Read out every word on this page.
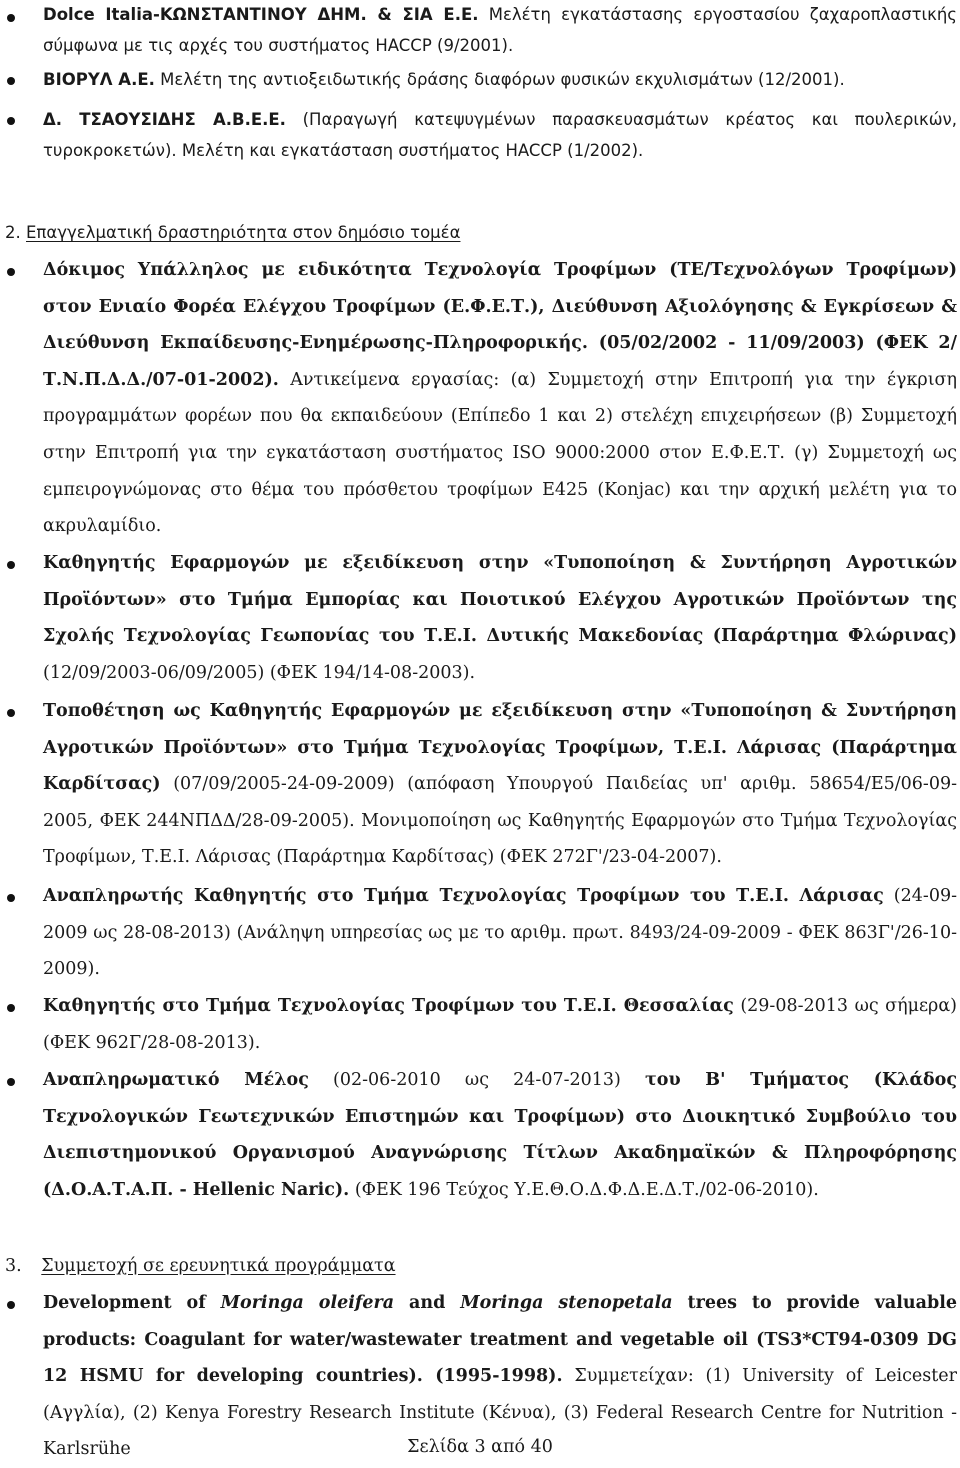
Dolce Italia-ΚΩΝΣΤΑΝΤΙΝΟΥ ΔΗΜ. & ΣΙΑ Ε.Ε. Μελέτη εγκατάστασης εργοστασίου ζαχαροπλαστικής σύμφωνα με τις αρχές του συστήματος HACCP (9/2001).

ΒΙΟΡΥΛ Α.Ε. Μελέτη της αντιοξειδωτικής δράσης διαφόρων φυσικών εκχυλισμάτων (12/2001).

Δ. ΤΣΑΟΥΣΙΔΗΣ Α.Β.Ε.Ε. (Παραγωγή κατεψυγμένων παρασκευασμάτων κρέατος και πουλερικών, τυροκροκετών). Μελέτη και εγκατάσταση συστήματος HACCP (1/2002).

2. Επαγγελματική δραστηριότητα στον δημόσιο τομέα

Δόκιμος Υπάλληλος με ειδικότητα Τεχνολογία Τροφίμων (ΤΕ/Τεχνολόγων Τροφίμων) στον Ενιαίο Φορέα Ελέγχου Τροφίμων (Ε.Φ.Ε.Τ.), Διεύθυνση Αξιολόγησης & Εγκρίσεων & Διεύθυνση Εκπαίδευσης-Ενημέρωσης-Πληροφορικής. (05/02/2002 - 11/09/2003) (ΦΕΚ 2/Τ.Ν.Π.Δ.Δ./07-01-2002). Αντικείμενα εργασίας: (α) Συμμετοχή στην Επιτροπή για την έγκριση προγραμμάτων φορέων που θα εκπαιδεύουν (Επίπεδο 1 και 2) στελέχη επιχειρήσεων (β) Συμμετοχή στην Επιτροπή για την εγκατάσταση συστήματος ISO 9000:2000 στον Ε.Φ.Ε.Τ. (γ) Συμμετοχή ως εμπειρογνώμονας στο θέμα του πρόσθετου τροφίμων Ε425 (Konjac) και την αρχική μελέτη για το ακρυλαμίδιο.

Καθηγητής Εφαρμογών με εξειδίκευση στην «Τυποποίηση & Συντήρηση Αγροτικών Προϊόντων» στο Τμήμα Εμπορίας και Ποιοτικού Ελέγχου Αγροτικών Προϊόντων της Σχολής Τεχνολογίας Γεωπονίας του Τ.Ε.Ι. Δυτικής Μακεδονίας (Παράρτημα Φλώρινας) (12/09/2003-06/09/2005) (ΦΕΚ 194/14-08-2003).

Τοποθέτηση ως Καθηγητής Εφαρμογών με εξειδίκευση στην «Τυποποίηση & Συντήρηση Αγροτικών Προϊόντων» στο Τμήμα Τεχνολογίας Τροφίμων, Τ.Ε.Ι. Λάρισας (Παράρτημα Καρδίτσας) (07/09/2005-24-09-2009) (απόφαση Υπουργού Παιδείας υπ' αριθμ. 58654/Ε5/06-09-2005, ΦΕΚ 244ΝΠΔΔ/28-09-2005). Μονιμοποίηση ως Καθηγητής Εφαρμογών στο Τμήμα Τεχνολογίας Τροφίμων, Τ.Ε.Ι. Λάρισας (Παράρτημα Καρδίτσας) (ΦΕΚ 272Γ'/23-04-2007).

Αναπληρωτής Καθηγητής στο Τμήμα Τεχνολογίας Τροφίμων του Τ.Ε.Ι. Λάρισας (24-09-2009 ως 28-08-2013) (Ανάληψη υπηρεσίας ως με το αριθμ. πρωτ. 8493/24-09-2009 - ΦΕΚ 863Γ'/26-10-2009).

Καθηγητής στο Τμήμα Τεχνολογίας Τροφίμων του Τ.Ε.Ι. Θεσσαλίας (29-08-2013 ως σήμερα) (ΦΕΚ 962Γ/28-08-2013).

Αναπληρωματικό Μέλος (02-06-2010 ως 24-07-2013) του Β' Τμήματος (Κλάδος Τεχνολογικών Γεωτεχνικών Επιστημών και Τροφίμων) στο Διοικητικό Συμβούλιο του Διεπιστημονικού Οργανισμού Αναγνώρισης Τίτλων Ακαδημαϊκών & Πληροφόρησης (Δ.Ο.Α.Τ.Α.Π. - Hellenic Naric). (ΦΕΚ 196 Τεύχος Υ.Ε.Θ.Ο.Δ.Φ.Δ.Ε.Δ.Τ./02-06-2010).

3. Συμμετοχή σε ερευνητικά προγράμματα

Development of Moringa oleifera and Moringa stenopetala trees to provide valuable products: Coagulant for water/wastewater treatment and vegetable oil (TS3*CT94-0309 DG 12 HSMU for developing countries). (1995-1998). Συμμετείχαν: (1) University of Leicester (Αγγλία), (2) Kenya Forestry Research Institute (Κένυα), (3) Federal Research Centre for Nutrition - Karlsrühe	Σελίδα 3 από 40
